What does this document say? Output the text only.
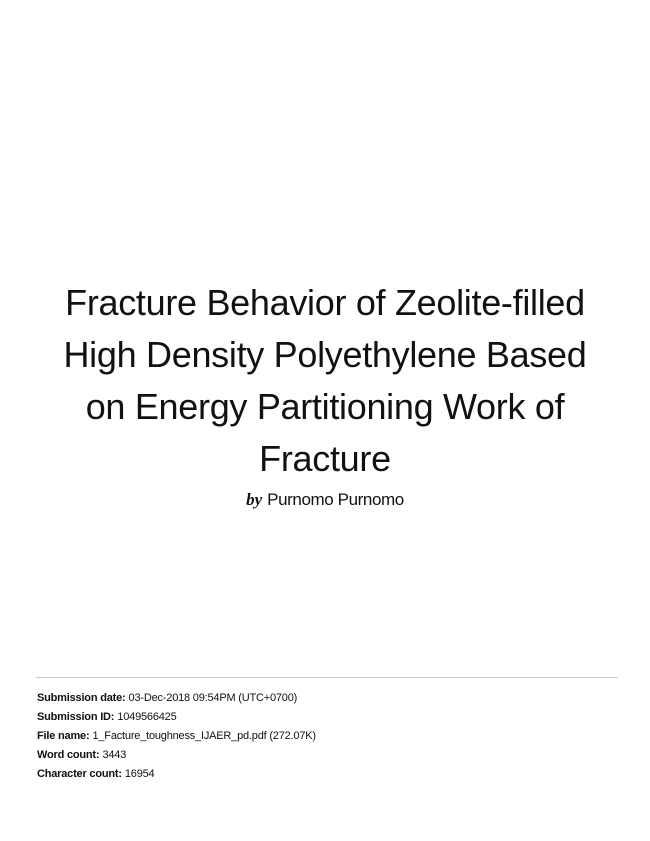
Fracture Behavior of Zeolite-filled
High Density Polyethylene Based
on Energy Partitioning Work of
Fracture
by Purnomo Purnomo
Submission date: 03-Dec-2018 09:54PM (UTC+0700)
Submission ID: 1049566425
File name: 1_Facture_toughness_IJAER_pd.pdf (272.07K)
Word count: 3443
Character count: 16954
